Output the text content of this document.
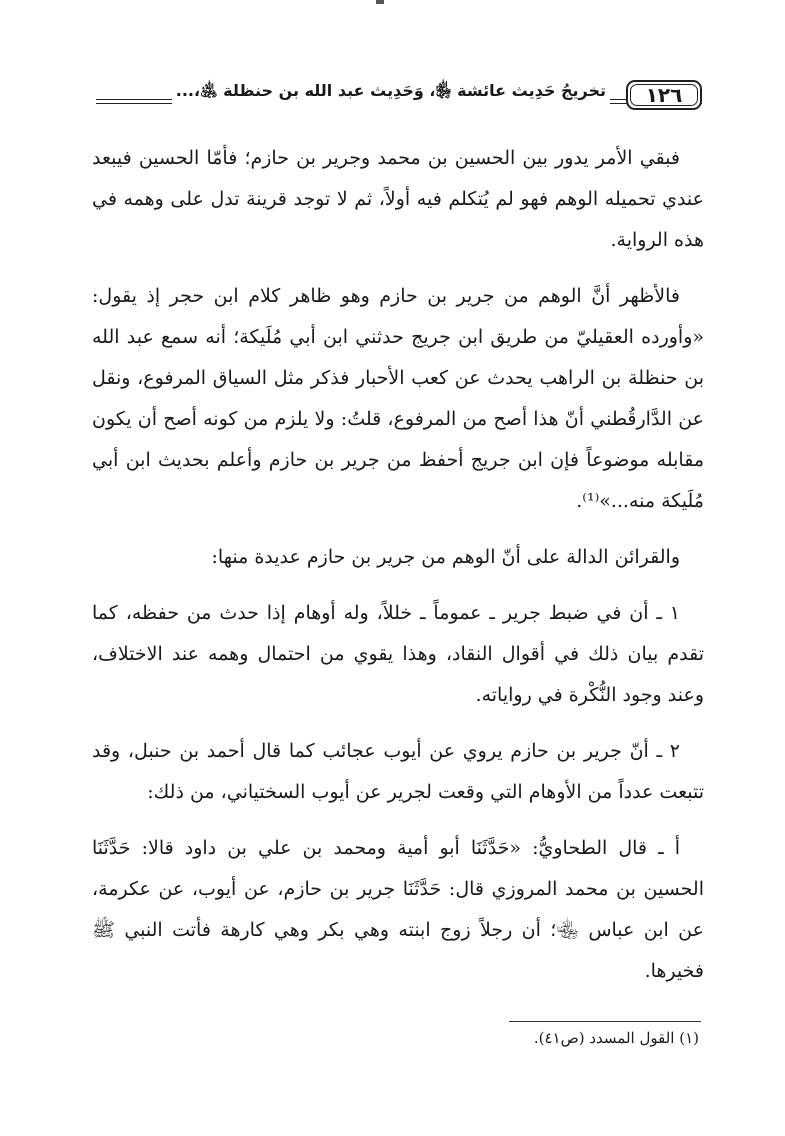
١٢٦
تخريجُ حَدِيث عائشة ﵂، وَحَدِيث عبد الله بن حنظلة ﵁،...
فبقي الأمر يدور بين الحسين بن محمد وجرير بن حازم؛ فأمّا الحسين فيبعد عندي تحميله الوهم فهو لم يُتكلم فيه أولاً، ثم لا توجد قرينة تدل على وهمه في هذه الرواية.
فالأظهر أنَّ الوهم من جرير بن حازم وهو ظاهر كلام ابن حجر إذ يقول: «وأورده العقيليّ من طريق ابن جريج حدثني ابن أبي مُلَيكة؛ أنه سمع عبد الله بن حنظلة بن الراهب يحدث عن كعب الأحبار فذكر مثل السياق المرفوع، ونقل عن الدَّارقُطني أنّ هذا أصح من المرفوع، قلتُ: ولا يلزم من كونه أصح أن يكون مقابله موضوعاً فإن ابن جريج أحفظ من جرير بن حازم وأعلم بحديث ابن أبي مُلَيكة منه...»⁽¹⁾.
والقرائن الدالة على أنّ الوهم من جرير بن حازم عديدة منها:
١ ـ أن في ضبط جرير ـ عموماً ـ خللاً، وله أوهام إذا حدث من حفظه، كما تقدم بيان ذلك في أقوال النقاد، وهذا يقوي من احتمال وهمه عند الاختلاف، وعند وجود النُّكْرة في رواياته.
٢ ـ أنّ جرير بن حازم يروي عن أيوب عجائب كما قال أحمد بن حنبل، وقد تتبعت عدداً من الأوهام التي وقعت لجرير عن أيوب السختياني، من ذلك:
أ ـ قال الطحاويُّ: «حَدَّثَنَا أبو أمية ومحمد بن علي بن داود قالا: حَدَّثَنَا الحسين بن محمد المروزي قال: حَدَّثَنَا جرير بن حازم، عن أيوب، عن عكرمة، عن ابن عباس ﵄؛ أن رجلاً زوج ابنته وهي بكر وهي كارهة فأتت النبي ﷺ فخيرها.
(١) القول المسدد (ص٤١).
